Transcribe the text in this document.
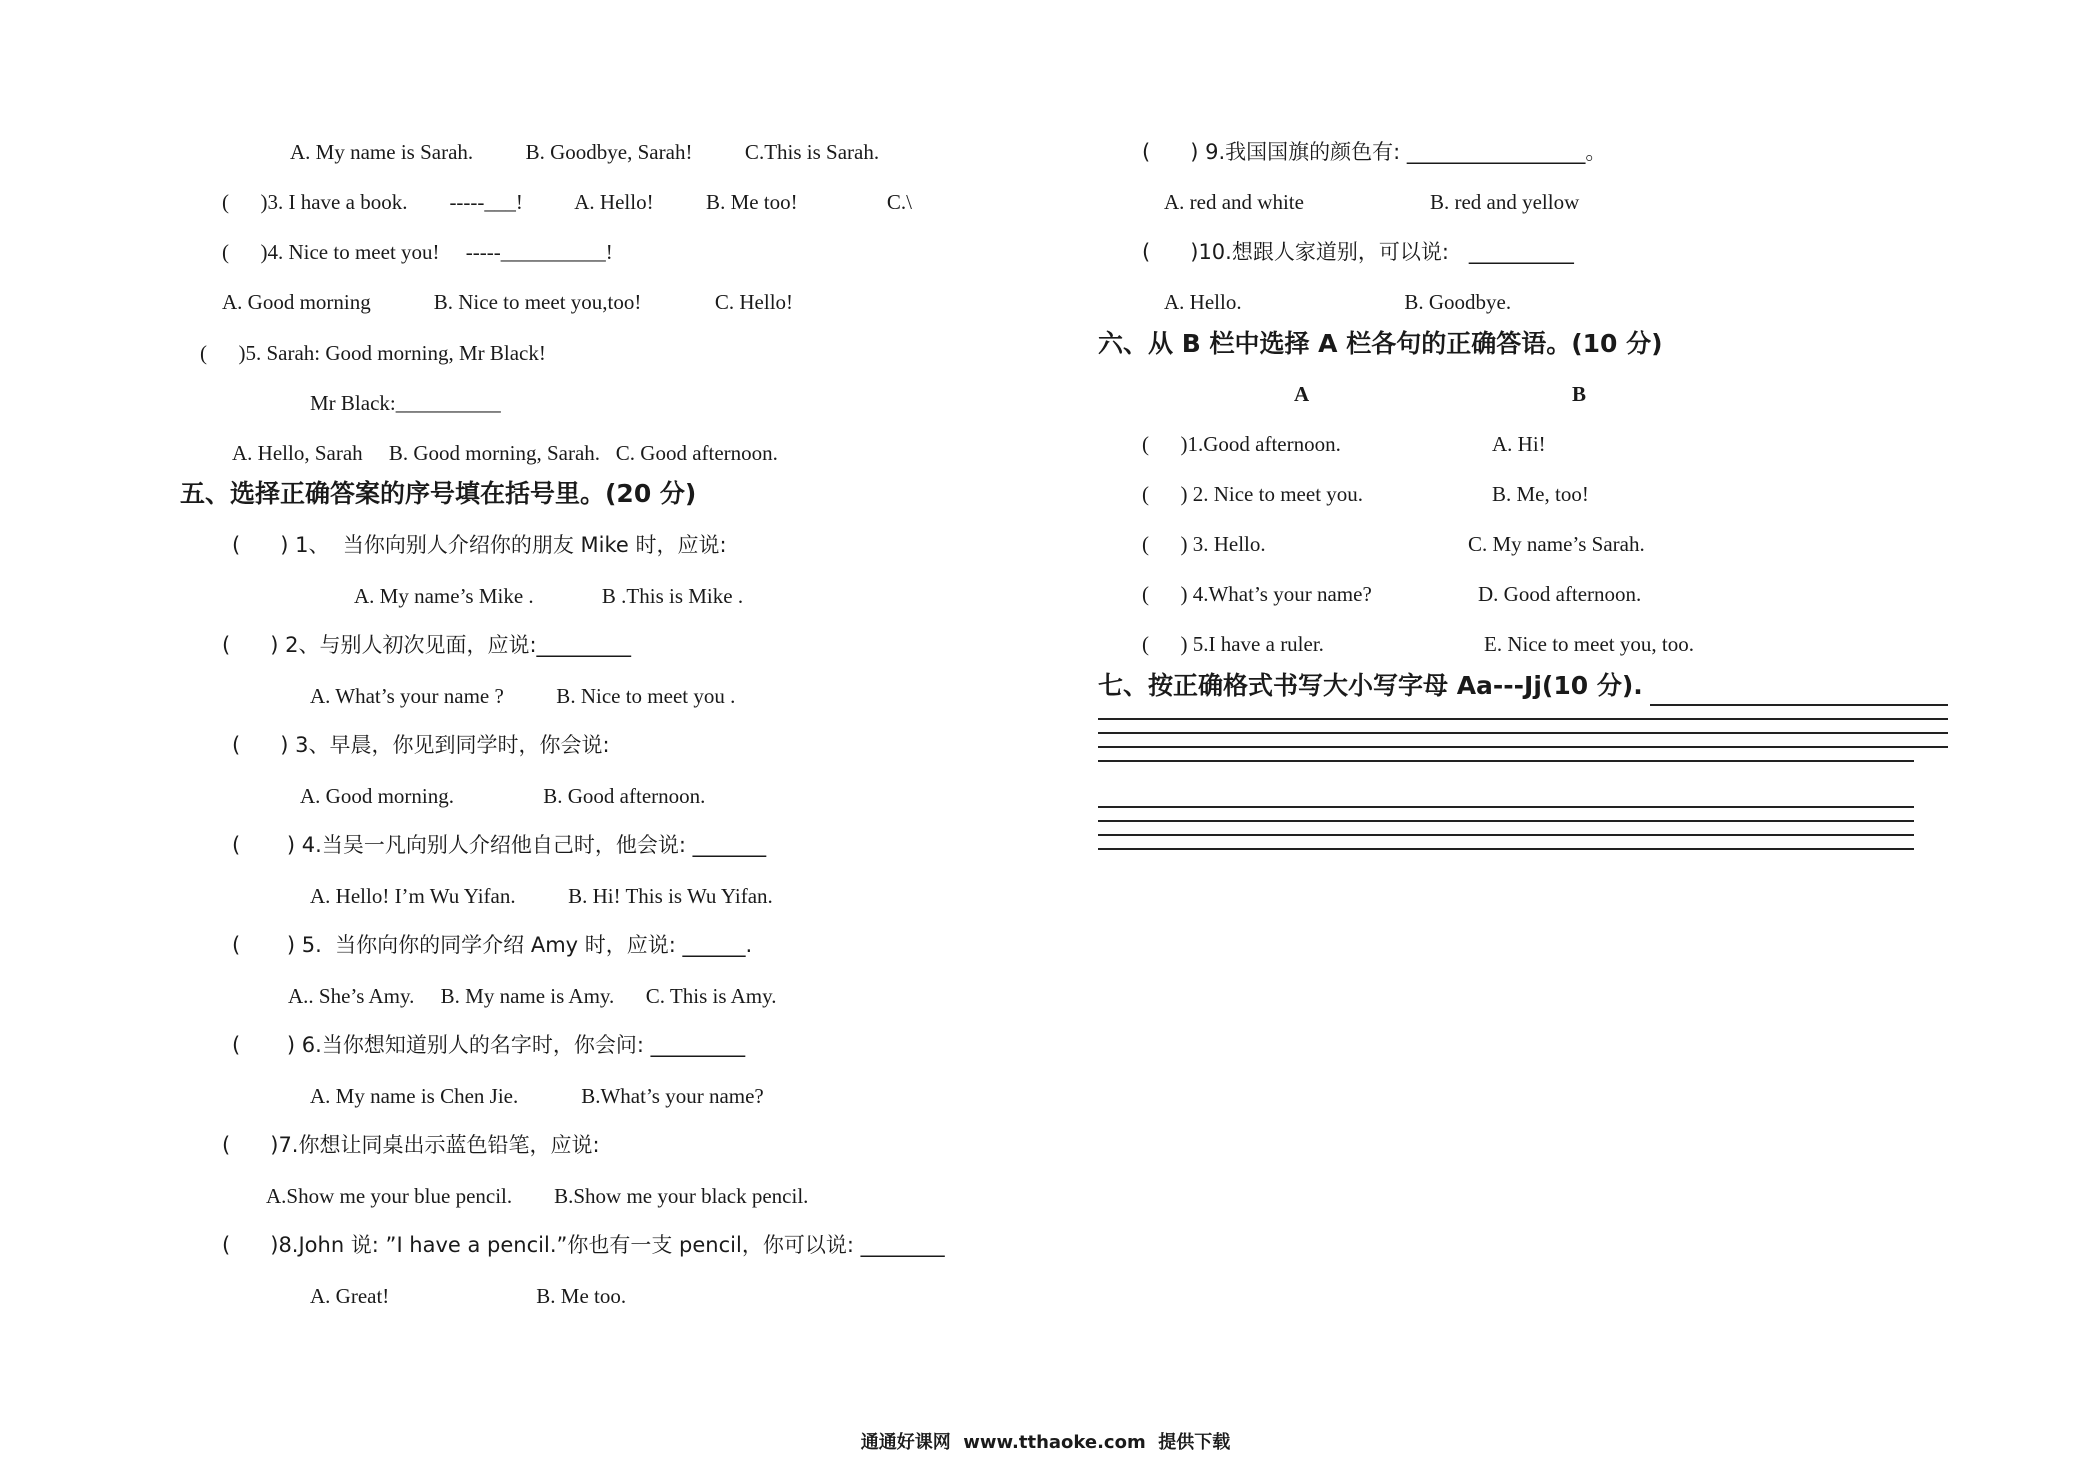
A. My name is Sarah.          B. Goodbye, Sarah!          C.This is Sarah.
(      )3. I have a book.        -----___!          A. Hello!          B. Me too!                 C.\
(      )4. Nice to meet you!     -----__________!
A. Good morning            B. Nice to meet you,too!              C. Hello!
(      )5. Sarah: Good morning, Mr Black!
Mr Black:__________
A. Hello, Sarah     B. Good morning, Sarah.   C. Good afternoon.
五、选择正确答案的序号填在括号里。(20 分)
(      ) 1、  当你向别人介绍你的朋友 Mike 时，应说:
A. My name’s Mike .             B .This is Mike .
(      ) 2、与别人初次见面，应说:_________
A. What’s your name ?          B. Nice to meet you .
(      ) 3、早晨，你见到同学时，你会说:
A. Good morning.                 B. Good afternoon.
(       ) 4.当吴一凡向别人介绍他自己时，他会说: _______
A. Hello! I’m Wu Yifan.          B. Hi! This is Wu Yifan.
(       ) 5.  当你向你的同学介绍 Amy 时，应说: ______.
A.. She’s Amy.     B. My name is Amy.      C. This is Amy.
(       ) 6.当你想知道别人的名字时，你会问: _________
A. My name is Chen Jie.            B.What’s your name?
(      )7.你想让同桌出示蓝色铅笔，应说:
A.Show me your blue pencil.        B.Show me your black pencil.
(      )8.John 说: ”I have a pencil.”你也有一支 pencil，你可以说: ________
A. Great!                            B. Me too.
(      ) 9.我国国旗的颜色有: _________________。
A. red and white                        B. red and yellow
(      )10.想跟人家道别，可以说:   __________
A. Hello.                               B. Goodbye.
六、从 B 栏中选择 A 栏各句的正确答语。(10 分)
A	B
(      )1.Good afternoon.	A. Hi!
(      ) 2. Nice to meet you.	B. Me, too!
(      ) 3. Hello.	C. My name’s Sarah.
(      ) 4.What’s your name?	D. Good afternoon.
(      ) 5.I have a ruler.	E. Nice to meet you, too.
七、按正确格式书写大小写字母 Aa---Jj(10 分).
通通好课网  www.tthaoke.com  提供下载
